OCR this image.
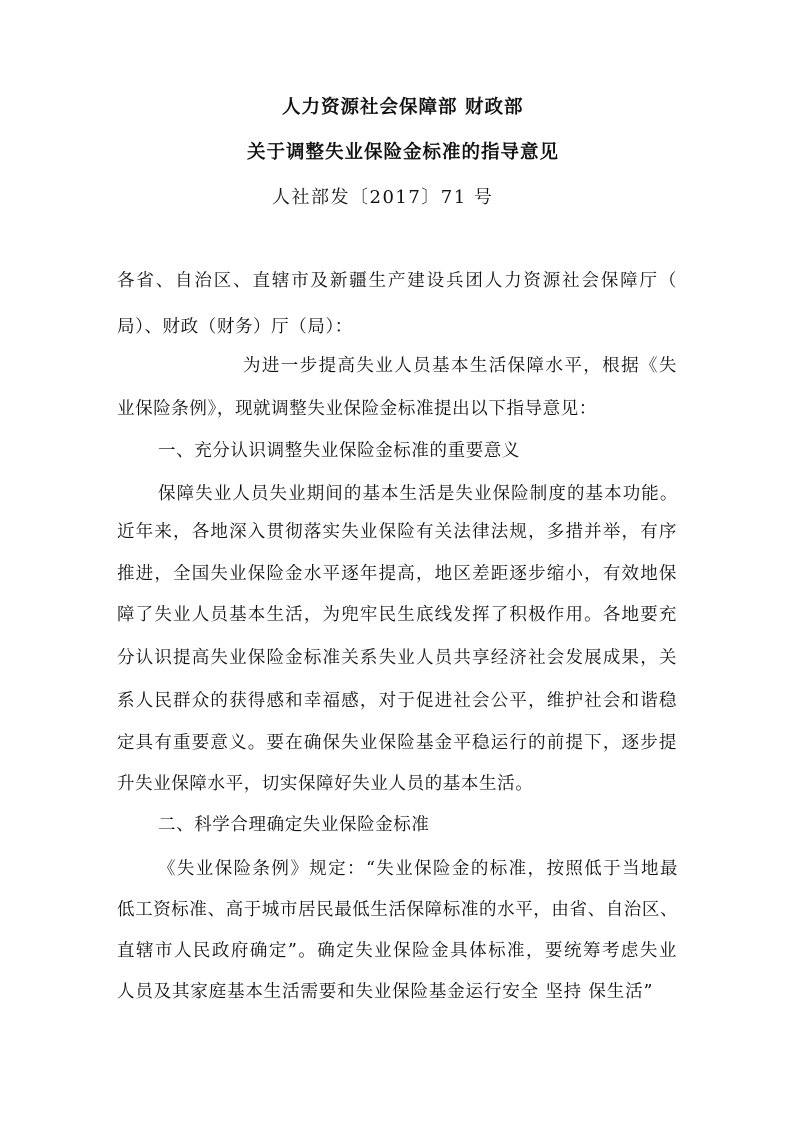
人力资源社会保障部 财政部
关于调整失业保险金标准的指导意见
人社部发〔2017〕71 号
各省、自治区、直辖市及新疆生产建设兵团人力资源社会保障厅（
局）、财政（财务）厅（局）：
为进一步提高失业人员基本生活保障水平，根据《失
业保险条例》，现就调整失业保险金标准提出以下指导意见：
一、充分认识调整失业保险金标准的重要意义
保障失业人员失业期间的基本生活是失业保险制度的基本功能。
近年来，各地深入贯彻落实失业保险有关法律法规，多措并举，有序
推进，全国失业保险金水平逐年提高，地区差距逐步缩小，有效地保
障了失业人员基本生活，为兜牢民生底线发挥了积极作用。各地要充
分认识提高失业保险金标准关系失业人员共享经济社会发展成果，关
系人民群众的获得感和幸福感，对于促进社会公平，维护社会和谐稳
定具有重要意义。要在确保失业保险基金平稳运行的前提下，逐步提
升失业保障水平，切实保障好失业人员的基本生活。
二、科学合理确定失业保险金标准
《失业保险条例》规定：“失业保险金的标准，按照低于当地最
低工资标准、高于城市居民最低生活保障标准的水平，由省、自治区、
直辖市人民政府确定”。确定失业保险金具体标准，要统筹考虑失业
人员及其家庭基本生活需要和失业保险基金运行安全 坚持 保生活”
